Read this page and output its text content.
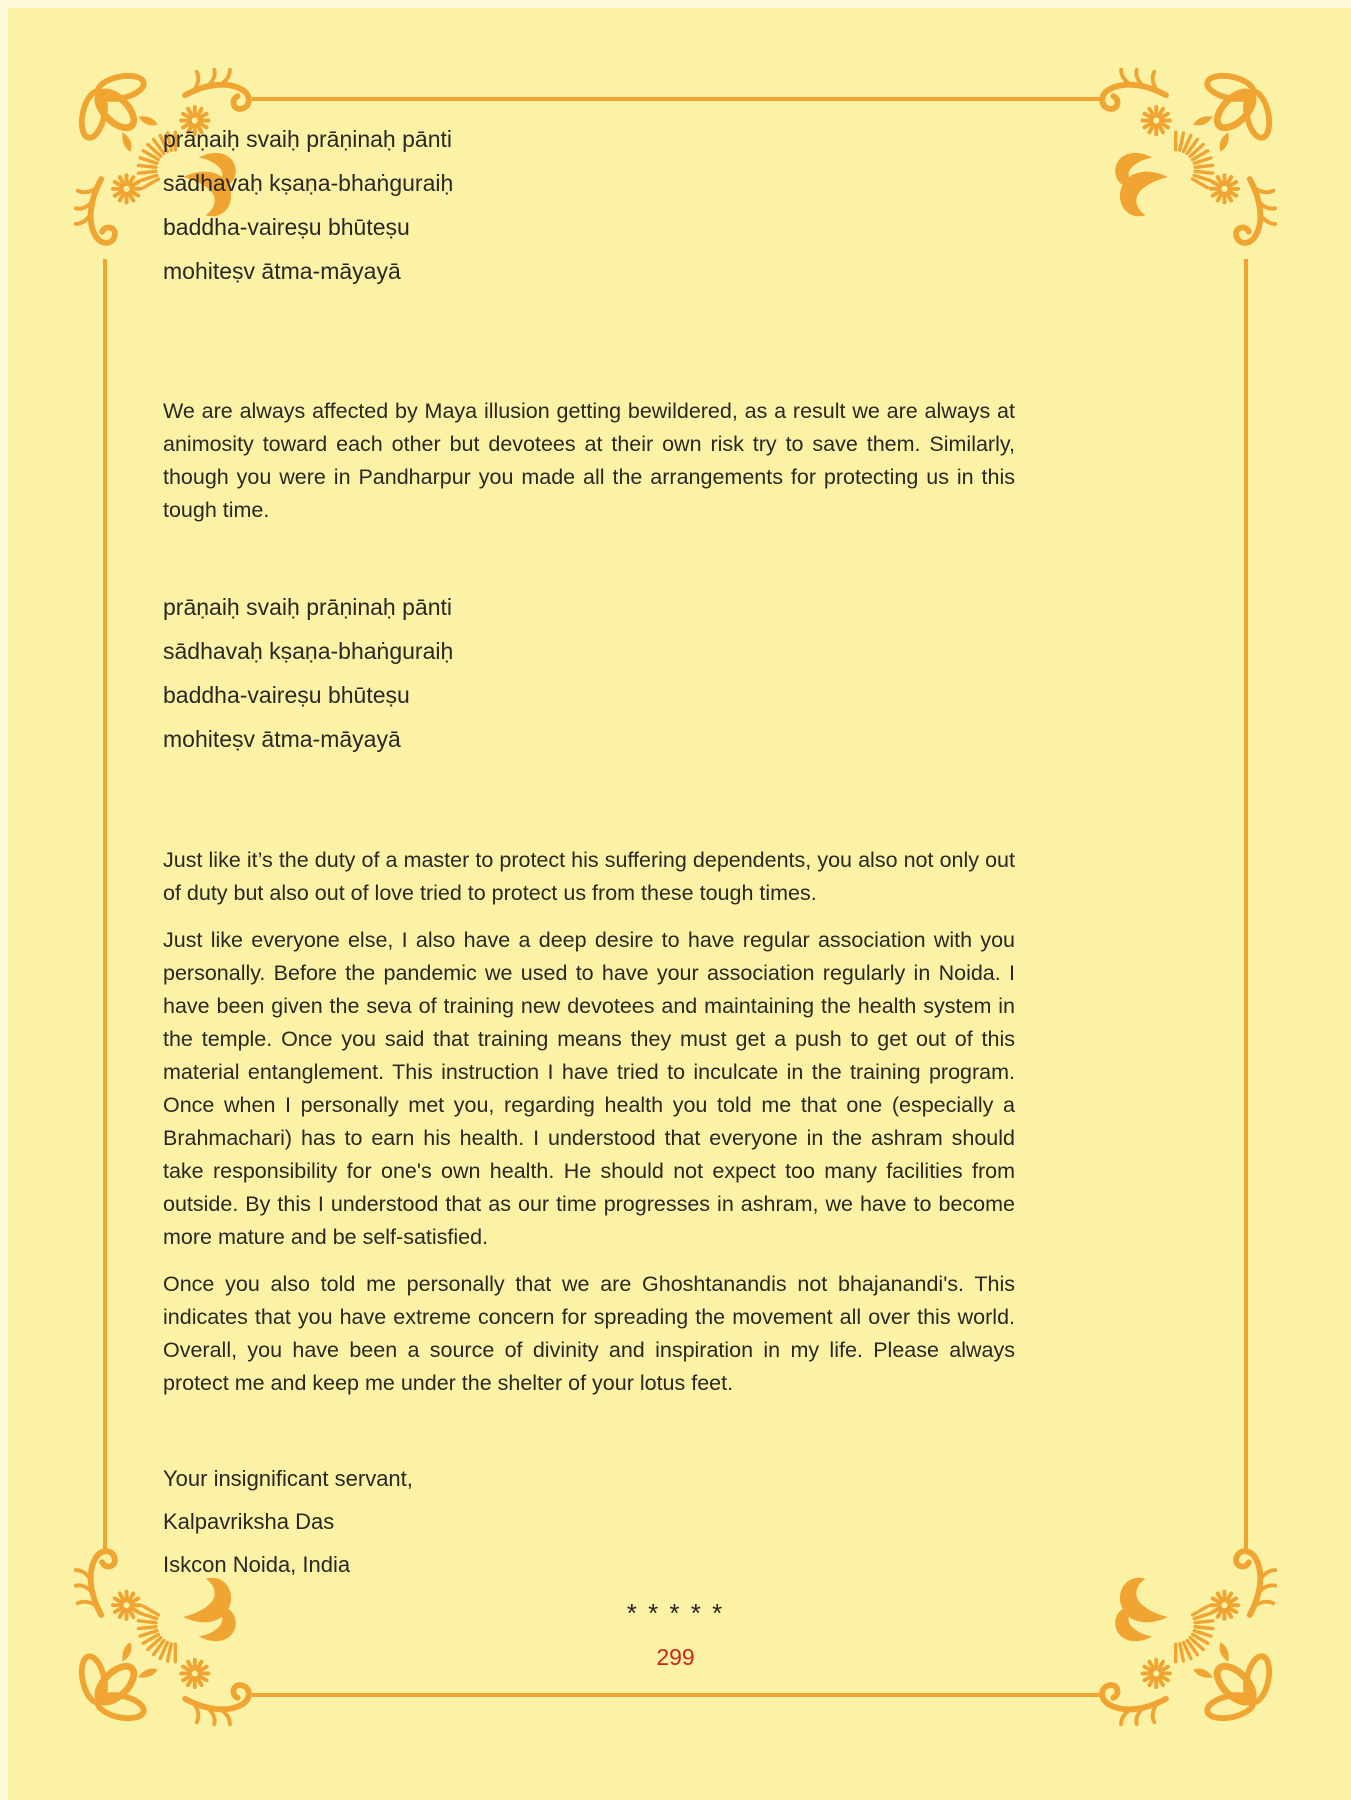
prāṇaiḥ svaiḥ prāṇinaḥ pānti
sādhavaḥ kṣaṇa-bhaṅguraiḥ
baddha-vaireṣu bhūteṣu
mohiteṣv ātma-māyayā

We are always affected by Maya illusion getting bewildered, as a result we are always at animosity toward each other but devotees at their own risk try to save them. Similarly, though you were in Pandharpur you made all the arrangements for protecting us in this tough time.

prāṇaiḥ svaiḥ prāṇinaḥ pānti
sādhavaḥ kṣaṇa-bhaṅguraiḥ
baddha-vaireṣu bhūteṣu
mohiteṣv ātma-māyayā

Just like it’s the duty of a master to protect his suffering dependents, you also not only out of duty but also out of love tried to protect us from these tough times.

Just like everyone else, I also have a deep desire to have regular association with you personally. Before the pandemic we used to have your association regularly in Noida. I have been given the seva of training new devotees and maintaining the health system in the temple. Once you said that training means they must get a push to get out of this material entanglement. This instruction I have tried to inculcate in the training program. Once when I personally met you, regarding health you told me that one (especially a Brahmachari) has to earn his health. I understood that everyone in the ashram should take responsibility for one's own health. He should not expect too many facilities from outside. By this I understood that as our time progresses in ashram, we have to become more mature and be self-satisfied.

Once you also told me personally that we are Ghoshtanandis not bhajanandi's. This indicates that you have extreme concern for spreading the movement all over this world. Overall, you have been a source of divinity and inspiration in my life. Please always protect me and keep me under the shelter of your lotus feet.

Your insignificant servant,
Kalpavriksha Das
Iskcon Noida, India
* * * * *
299
